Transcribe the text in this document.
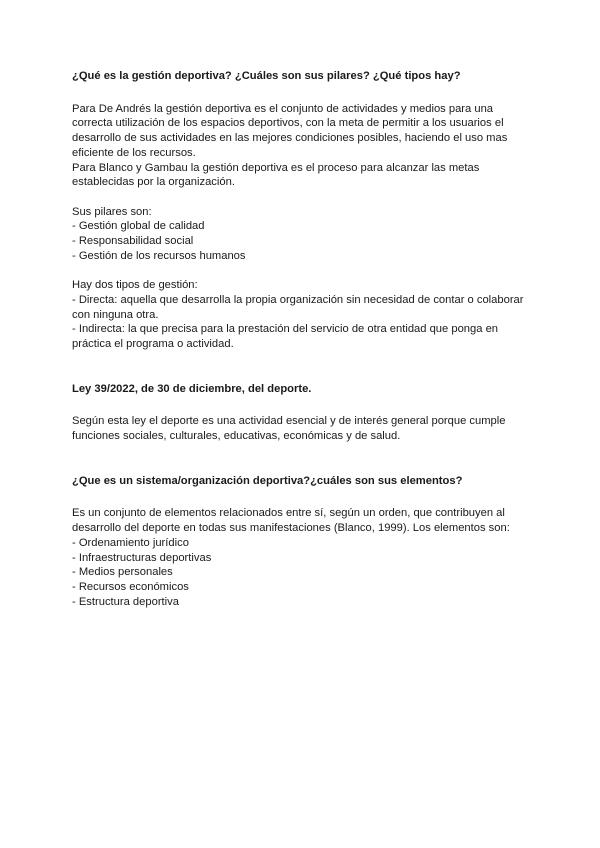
¿Qué es la gestión deportiva? ¿Cuáles son sus pilares? ¿Qué tipos hay?

Para De Andrés la gestión deportiva es el conjunto de actividades y medios para una correcta utilización de los espacios deportivos, con la meta de permitir a los usuarios el desarrollo de sus actividades en las mejores condiciones posibles, haciendo el uso mas eficiente de los recursos.

Para Blanco y Gambau la gestión deportiva es el proceso para alcanzar las metas establecidas por la organización.

Sus pilares son:

- Gestión global de calidad
- Responsabilidad social
- Gestión de los recursos humanos

Hay dos tipos de gestión:

- Directa: aquella que desarrolla la propia organización sin necesidad de contar o colaborar con ninguna otra.
- Indirecta: la que precisa para la prestación del servicio de otra entidad que ponga en práctica el programa o actividad.

Ley 39/2022, de 30 de diciembre, del deporte.

Según esta ley el deporte es una actividad esencial y de interés general porque cumple funciones sociales, culturales, educativas, económicas y de salud.

¿Que es un sistema/organización deportiva?¿cuáles son sus elementos?

Es un conjunto de elementos relacionados entre sí, según un orden, que contribuyen al desarrollo del deporte en todas sus manifestaciones (Blanco, 1999). Los elementos son:

- Ordenamiento jurídico
- Infraestructuras deportivas
- Medios personales
- Recursos económicos
- Estructura deportiva
